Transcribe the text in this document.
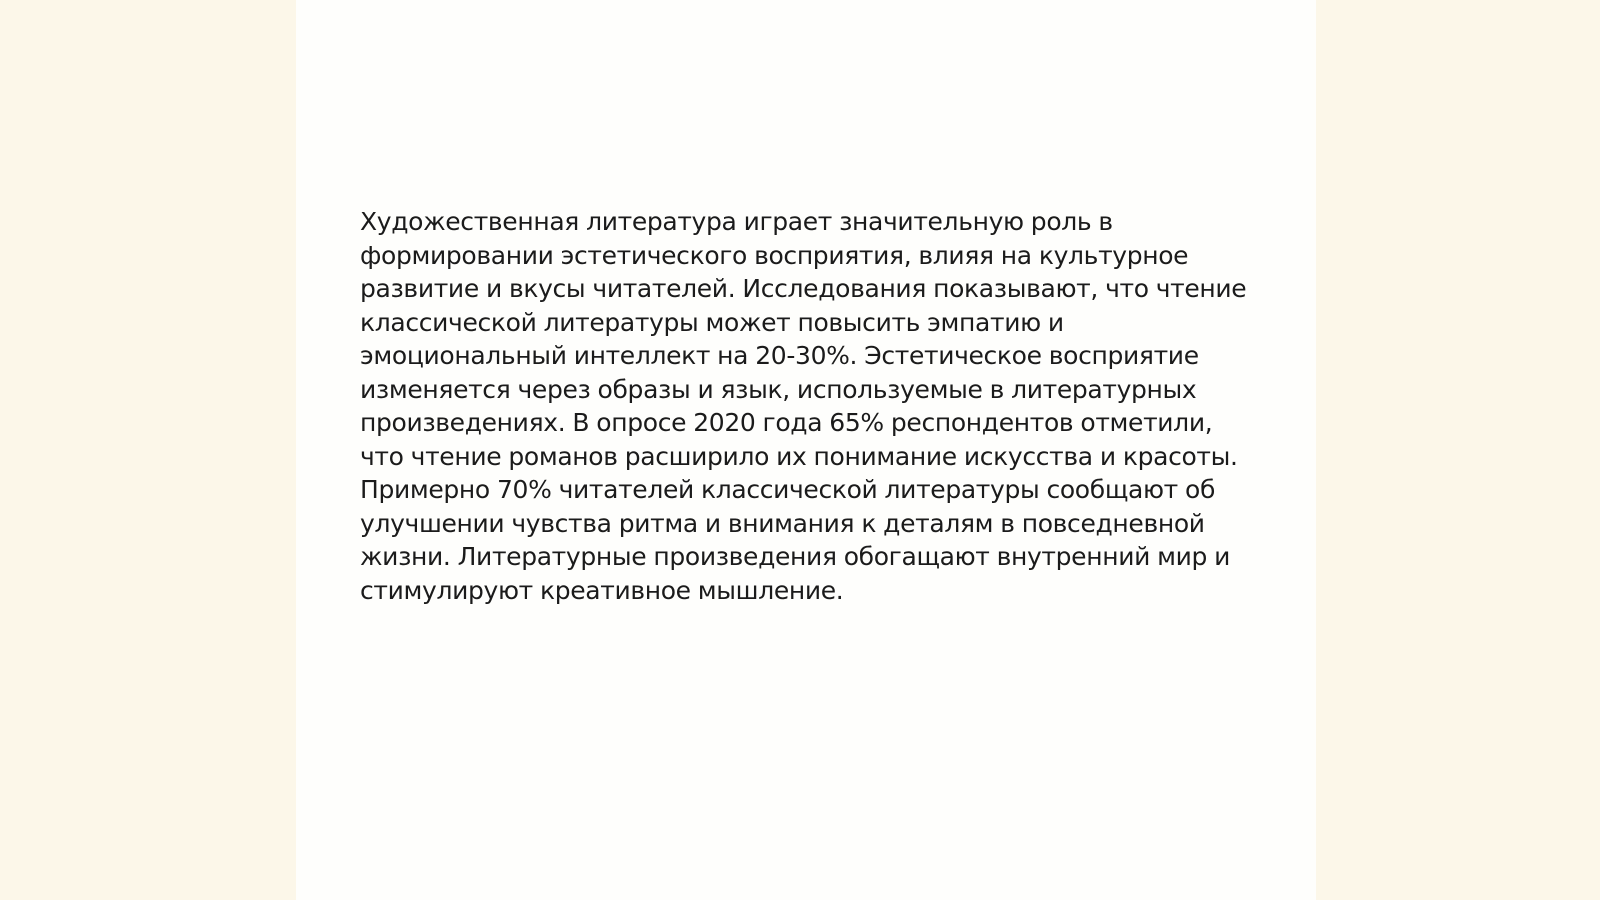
Художественная литература играет значительную роль в формировании эстетического восприятия, влияя на культурное развитие и вкусы читателей. Исследования показывают, что чтение классической литературы может повысить эмпатию и эмоциональный интеллект на 20-30%. Эстетическое восприятие изменяется через образы и язык, используемые в литературных произведениях. В опросе 2020 года 65% респондентов отметили, что чтение романов расширило их понимание искусства и красоты. Примерно 70% читателей классической литературы сообщают об улучшении чувства ритма и внимания к деталям в повседневной жизни. Литературные произведения обогащают внутренний мир и стимулируют креативное мышление.
